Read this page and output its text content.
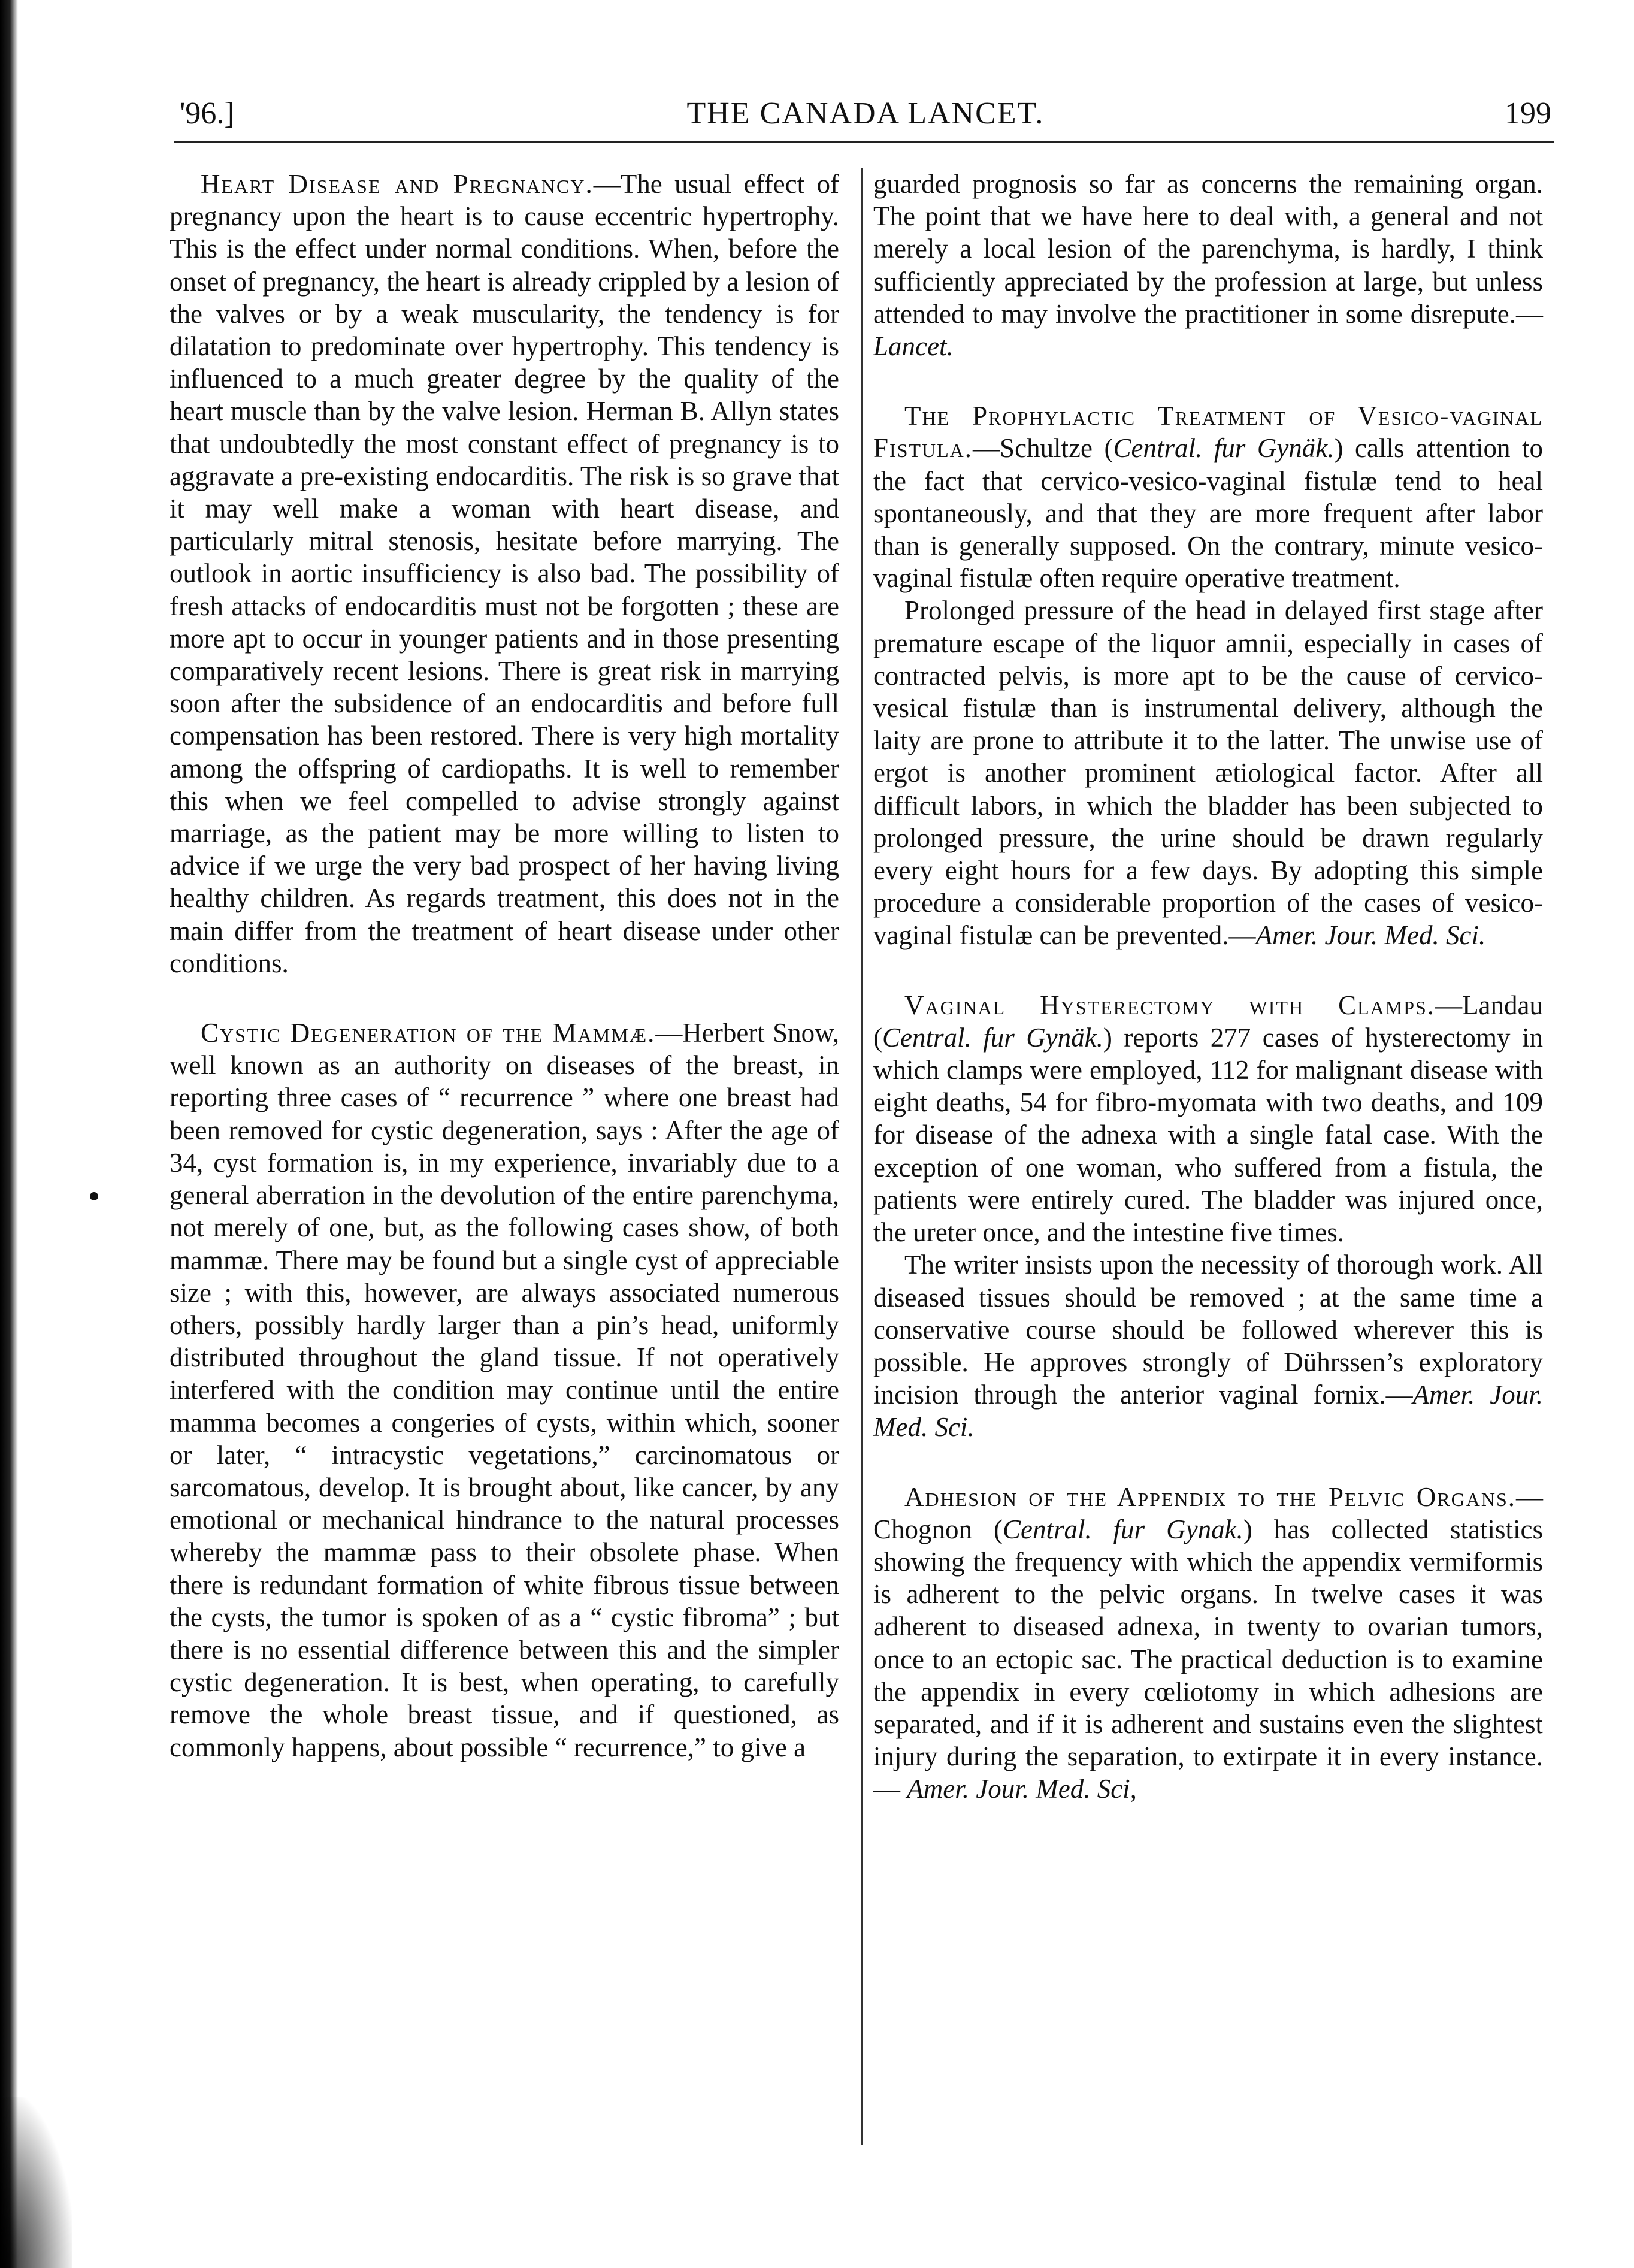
'96.]	THE CANADA LANCET.	199

Heart Disease and Pregnancy.—The usual effect of pregnancy upon the heart is to cause eccentric hypertrophy. This is the effect under normal conditions. When, before the onset of pregnancy, the heart is already crippled by a lesion of the valves or by a weak muscularity, the tendency is for dilatation to predominate over hypertrophy. This tendency is influenced to a much greater degree by the quality of the heart muscle than by the valve lesion. Herman B. Allyn states that undoubtedly the most constant effect of pregnancy is to aggravate a pre-existing endocarditis. The risk is so grave that it may well make a woman with heart disease, and particularly mitral stenosis, hesitate before marrying. The outlook in aortic insufficiency is also bad. The possibility of fresh attacks of endocarditis must not be forgotten ; these are more apt to occur in younger patients and in those presenting comparatively recent lesions. There is great risk in marrying soon after the subsidence of an endocarditis and before full compensation has been restored. There is very high mortality among the offspring of cardiopaths. It is well to remember this when we feel compelled to advise strongly against marriage, as the patient may be more willing to listen to advice if we urge the very bad prospect of her having living healthy children. As regards treatment, this does not in the main differ from the treatment of heart disease under other conditions.

Cystic Degeneration of the Mammæ.—Herbert Snow, well known as an authority on diseases of the breast, in reporting three cases of “ recurrence ” where one breast had been removed for cystic degeneration, says : After the age of 34, cyst formation is, in my experience, invariably due to a general aberration in the devolution of the entire parenchyma, not merely of one, but, as the following cases show, of both mammæ. There may be found but a single cyst of appreciable size ; with this, however, are always associated numerous others, possibly hardly larger than a pin’s head, uniformly distributed throughout the gland tissue. If not operatively interfered with the condition may continue until the entire mamma becomes a congeries of cysts, within which, sooner or later, “ intracystic vegetations,” carcinomatous or sarcomatous, develop. It is brought about, like cancer, by any emotional or mechanical hindrance to the natural processes whereby the mammæ pass to their obsolete phase. When there is redundant formation of white fibrous tissue between the cysts, the tumor is spoken of as a “ cystic fibroma” ; but there is no essential difference between this and the simpler cystic degeneration. It is best, when operating, to carefully remove the whole breast tissue, and if questioned, as commonly happens, about possible “ recurrence,” to give a

guarded prognosis so far as concerns the remaining organ. The point that we have here to deal with, a general and not merely a local lesion of the parenchyma, is hardly, I think sufficiently appreciated by the profession at large, but unless attended to may involve the practitioner in some disrepute.—Lancet.

The Prophylactic Treatment of Vesico-vaginal Fistula.—Schultze (Central. fur Gynäk.) calls attention to the fact that cervico-vesico-vaginal fistulæ tend to heal spontaneously, and that they are more frequent after labor than is generally supposed. On the contrary, minute vesico-vaginal fistulæ often require operative treatment.

Prolonged pressure of the head in delayed first stage after premature escape of the liquor amnii, especially in cases of contracted pelvis, is more apt to be the cause of cervico-vesical fistulæ than is instrumental delivery, although the laity are prone to attribute it to the latter. The unwise use of ergot is another prominent ætiological factor. After all difficult labors, in which the bladder has been subjected to prolonged pressure, the urine should be drawn regularly every eight hours for a few days. By adopting this simple procedure a considerable proportion of the cases of vesico-vaginal fistulæ can be prevented.—Amer. Jour. Med. Sci.

Vaginal Hysterectomy with Clamps.—Landau (Central. fur Gynäk.) reports 277 cases of hysterectomy in which clamps were employed, 112 for malignant disease with eight deaths, 54 for fibro-myomata with two deaths, and 109 for disease of the adnexa with a single fatal case. With the exception of one woman, who suffered from a fistula, the patients were entirely cured. The bladder was injured once, the ureter once, and the intestine five times.

The writer insists upon the necessity of thorough work. All diseased tissues should be removed ; at the same time a conservative course should be followed wherever this is possible. He approves strongly of Dührssen’s exploratory incision through the anterior vaginal fornix.—Amer. Jour. Med. Sci.

Adhesion of the Appendix to the Pelvic Organs.—Chognon (Central. fur Gynak.) has collected statistics showing the frequency with which the appendix vermiformis is adherent to the pelvic organs. In twelve cases it was adherent to diseased adnexa, in twenty to ovarian tumors, once to an ectopic sac. The practical deduction is to examine the appendix in every cœliotomy in which adhesions are separated, and if it is adherent and sustains even the slightest injury during the separation, to extirpate it in every instance. — Amer. Jour. Med. Sci,
